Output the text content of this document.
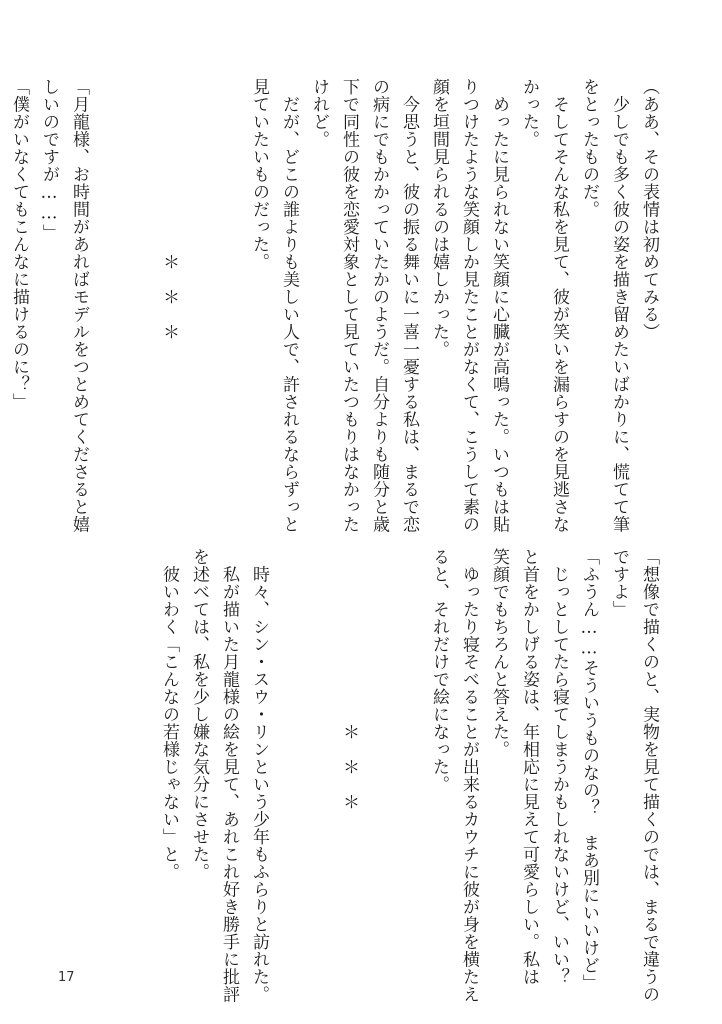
（ああ、その表情は初めてみる）
　少しでも多く彼の姿を描き留めたいばかりに、慌てて筆
をとったものだ。
　そしてそんな私を見て、彼が笑いを漏らすのを見逃さな
かった。
　めったに見られない笑顔に心臓が高鳴った。いつもは貼
りつけたような笑顔しか見たことがなくて、こうして素の
顔を垣間見られるのは嬉しかった。
　今思うと、彼の振る舞いに一喜一憂する私は、まるで恋
の病にでもかかっていたかのようだ。自分よりも随分と歳
下で同性の彼を恋愛対象として見ていたつもりはなかった
けれど。
　だが、どこの誰よりも美しい人で、許されるならずっと
見ていたいものだった。

　　　　　　　　　　＊　＊　＊

「月龍様、お時間があればモデルをつとめてくださると嬉
しいのですが……」
「僕がいなくてもこんなに描けるのに？」
「想像で描くのと、実物を見て描くのでは、まるで違うの
ですよ」
「ふうん……そういうものなの？　まあ別にいいけど」
　じっとしてたら寝てしまうかもしれないけど、いい？
と首をかしげる姿は、年相応に見えて可愛らしい。私は
笑顔でもちろんと答えた。
　ゆったり寝そべることが出来るカウチに彼が身を横たえ
ると、それだけで絵になった。

　　　　　　　　　　＊　＊　＊

　時々、シン・スウ・リンという少年もふらりと訪れた。
　私が描いた月龍様の絵を見て、あれこれ好き勝手に批評
を述べては、私を少し嫌な気分にさせた。
　彼いわく「こんなの若様じゃない」と。
17
